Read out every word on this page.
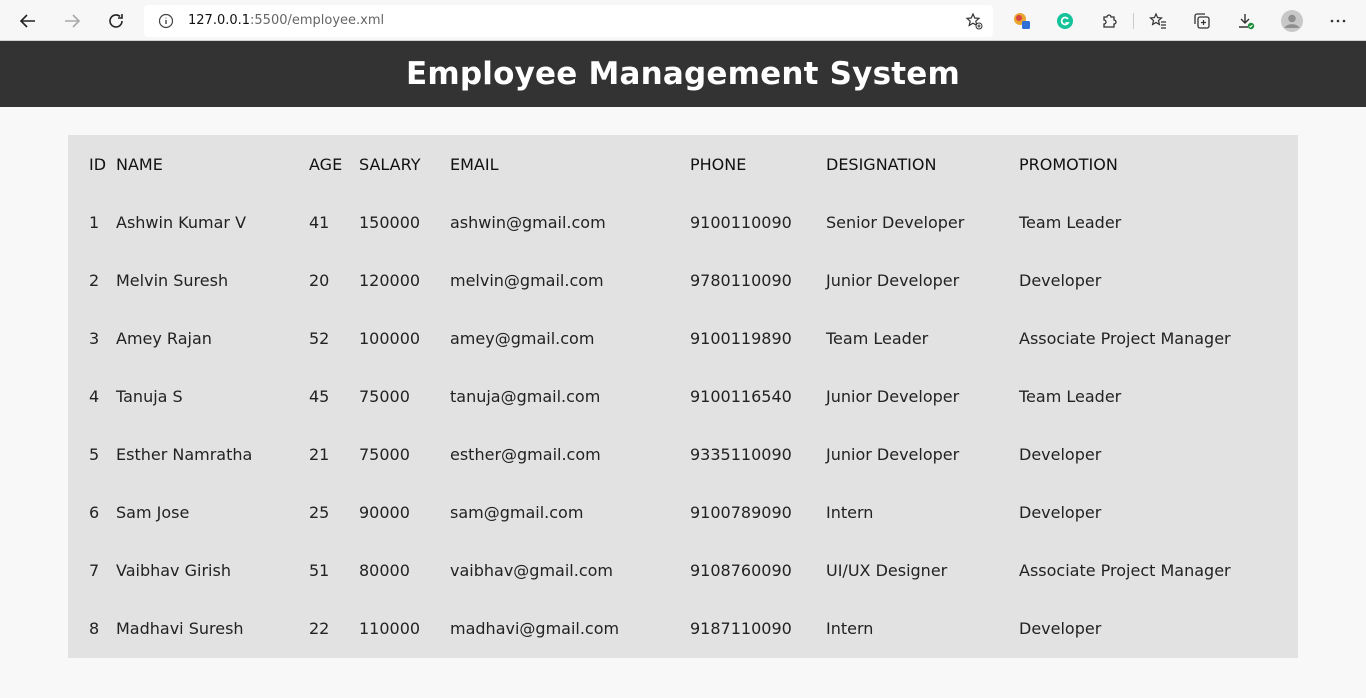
127.0.0.1:5500/employee.xml
Employee Management System
ID	NAME	AGE	SALARY	EMAIL	PHONE	DESIGNATION	PROMOTION
1	Ashwin Kumar V	41	150000	ashwin@gmail.com	9100110090	Senior Developer	Team Leader
2	Melvin Suresh	20	120000	melvin@gmail.com	9780110090	Junior Developer	Developer
3	Amey Rajan	52	100000	amey@gmail.com	9100119890	Team Leader	Associate Project Manager
4	Tanuja S	45	75000	tanuja@gmail.com	9100116540	Junior Developer	Team Leader
5	Esther Namratha	21	75000	esther@gmail.com	9335110090	Junior Developer	Developer
6	Sam Jose	25	90000	sam@gmail.com	9100789090	Intern	Developer
7	Vaibhav Girish	51	80000	vaibhav@gmail.com	9108760090	UI/UX Designer	Associate Project Manager
8	Madhavi Suresh	22	110000	madhavi@gmail.com	9187110090	Intern	Developer
